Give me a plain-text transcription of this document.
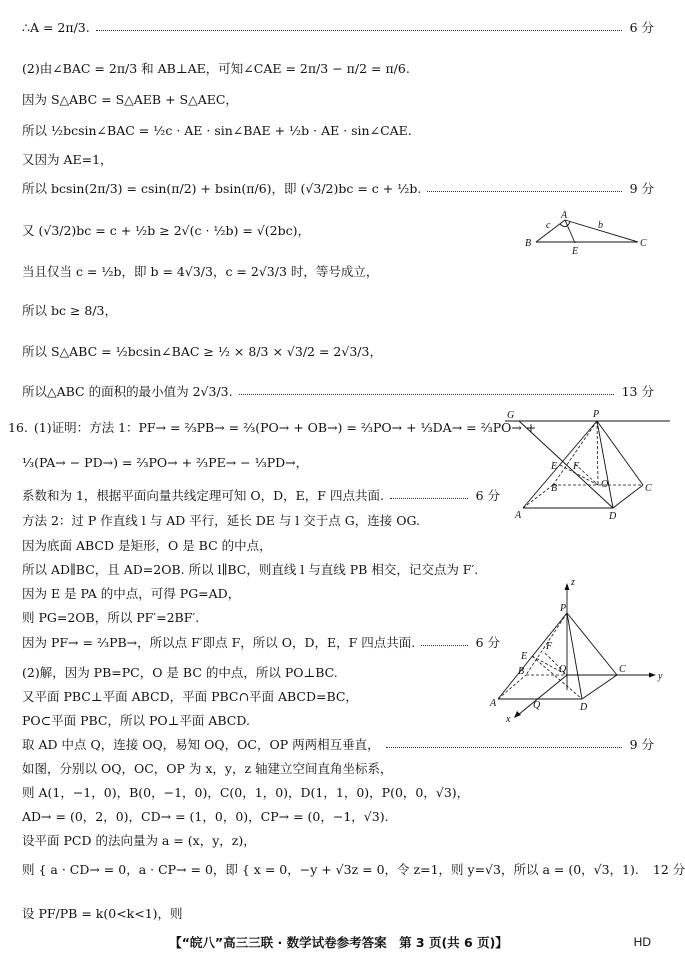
∴A = 2π/3.	6 分
(2)由∠BAC = 2π/3 和 AB⊥AE，可知∠CAE = 2π/3 − π/2 = π/6.
因为 S△ABC = S△AEB + S△AEC，
所以 ½bcsin∠BAC = ½c · AE · sin∠BAE + ½b · AE · sin∠CAE.
又因为 AE=1，
所以 bcsin(2π/3) = csin(π/2) + bsin(π/6)，即 (√3/2)bc = c + ½b.	9 分
又 (√3/2)bc = c + ½b ≥ 2√(c · ½b) = √(2bc)，
当且仅当 c = ½b，即 b = 4√3/3，c = 2√3/3 时，等号成立，
所以 bc ≥ 8/3，
所以 S△ABC = ½bcsin∠BAC ≥ ½ × 8/3 × √3/2 = 2√3/3，
所以△ABC 的面积的最小值为 2√3/3.	13 分
16. (1)证明：方法 1：PF→ = ⅔PB→ = ⅔(PO→ + OB→) = ⅔PO→ + ⅓DA→ = ⅔PO→ +
⅓(PA→ − PD→) = ⅔PO→ + ⅔PE→ − ⅓PD→，
系数和为 1，根据平面向量共线定理可知 O，D，E，F 四点共面.	6 分
方法 2：过 P 作直线 l 与 AD 平行，延长 DE 与 l 交于点 G，连接 OG.
因为底面 ABCD 是矩形，O 是 BC 的中点，
所以 AD∥BC，且 AD=2OB. 所以 l∥BC，则直线 l 与直线 PB 相交，记交点为 F′.
因为 E 是 PA 的中点，可得 PG=AD，
则 PG=2OB，所以 PF′=2BF′.
因为 PF→ = ⅔PB→，所以点 F′即点 F，所以 O，D，E，F 四点共面.	6 分
(2)解，因为 PB=PC，O 是 BC 的中点，所以 PO⊥BC.
又平面 PBC⊥平面 ABCD，平面 PBC∩平面 ABCD=BC，
PO⊂平面 PBC，所以 PO⊥平面 ABCD.
取 AD 中点 Q，连接 OQ，易知 OQ，OC，OP 两两相互垂直，	9 分
如图，分别以 OQ，OC，OP 为 x，y，z 轴建立空间直角坐标系，
则 A(1，−1，0)，B(0，−1，0)，C(0，1，0)，D(1，1，0)，P(0，0，√3)，
AD→ = (0，2，0)，CD→ = (1，0，0)，CP→ = (0，−1，√3).
设平面 PCD 的法向量为 a = (x，y，z)，
则 { a · CD→ = 0，a · CP→ = 0，即 { x = 0，−y + √3z = 0，令 z=1，则 y=√3，所以 a = (0，√3，1). 12 分
设 PF/PB = k(0<k<1)，则
B
A
C
E
c	b
G	P
E F
B	O	C
A	D
z
P
E
F
B	O	C
y
A	Q	D
x
【“皖八”高三三联 · 数学试卷参考答案　第 3 页(共 6 页)】	HD
